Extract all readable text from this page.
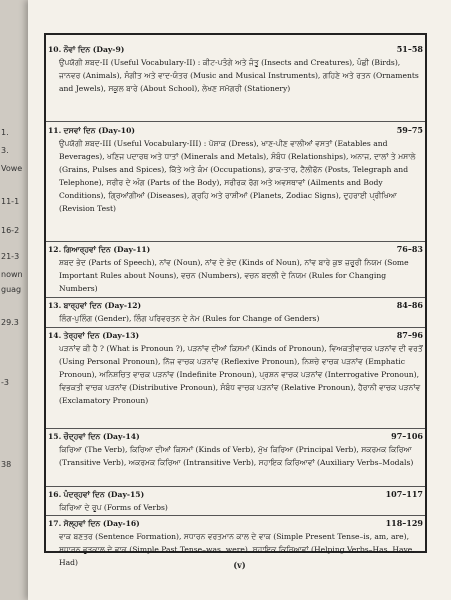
1.
3.
Vowe
11-1
16-2
21-3
nown
guag
29.3
-3
38
10. ਨੌਵਾਂ ਦਿਨ (Day-9)	51–58
ਉਪਯੋਗੀ ਸ਼ਬਦ-II (Useful Vocabulary-II) : ਕੀਟ-ਪਤੰਗੇ ਅਤੇ ਜੰਤੂ (Insects and Creatures), ਪੰਛੀ (Birds), ਜਾਨਵਰ (Animals), ਸੰਗੀਤ ਅਤੇ ਵਾਦ-ਯੰਤਰ (Music and Musical Instruments), ਗਹਿਣੇ ਅਤੇ ਰਤਨ (Ornaments and Jewels), ਸਕੂਲ ਬਾਰੇ (About School), ਲੇਖਣ ਸਮੱਗਰੀ (Stationery)
11. ਦਸਵਾਂ ਦਿਨ (Day-10)	59–75
ਉਪਯੋਗੀ ਸ਼ਬਦ-III (Useful Vocabulary-III) : ਪੋਸ਼ਾਕ (Dress), ਖਾਣ-ਪੀਣ ਵਾਲੀਆਂ ਵਸਤਾਂ (Eatables and Beverages), ਖਣਿਜ ਪਦਾਰਥ ਅਤੇ ਧਾਤਾਂ (Minerals and Metals), ਸੰਬੰਧ (Relationships), ਅਨਾਜ, ਦਾਲਾਂ ਤੇ ਮਸਾਲੇ (Grains, Pulses and Spices), ਕਿੱਤੇ ਅਤੇ ਕੰਮ (Occupations), ਡਾਕ-ਤਾਰ, ਟੈਲੀਫੋਨ (Posts, Telegraph and Telephone), ਸਰੀਰ ਦੇ ਅੰਗ (Parts of the Body), ਸਰੀਰਕ ਰੋਗ ਅਤੇ ਅਵਸਥਾਵਾਂ (Ailments and Body Conditions), ਗ੍ਰਿਆਂਗੀਆਂ (Diseases), ਗ੍ਰਹਿ ਅਤੇ ਰਾਸ਼ੀਆਂ (Planets, Zodiac Signs), ਦੁਹਰਾਈ ਪ੍ਰੀਖਿਆ (Revision Test)
12. ਗਿਆਰ੍ਹਵਾਂ ਦਿਨ (Day-11)	76–83
ਸ਼ਬਦ ਭੇਦ (Parts of Speech), ਨਾਂਵ (Noun), ਨਾਂਵ ਦੇ ਭੇਦ (Kinds of Noun), ਨਾਂਵ ਬਾਰੇ ਕੁਝ ਜ਼ਰੂਰੀ ਨਿਯਮ (Some Important Rules about Nouns), ਵਚਨ (Numbers), ਵਚਨ ਬਦਲੀ ਦੇ ਨਿਯਮ (Rules for Changing Numbers)
13. ਬਾਰ੍ਹਵਾਂ ਦਿਨ (Day-12)	84–86
ਲਿੰਗ-ਪੁਲਿੰਗ (Gender), ਲਿੰਗ ਪਰਿਵਰਤਨ ਦੇ ਨੇਮ (Rules for Change of Genders)
14. ਤੇਰ੍ਹਵਾਂ ਦਿਨ (Day-13)	87–96
ਪੜਨਾਂਵ ਕੀ ਹੈ ? (What is Pronoun ?), ਪੜਨਾਂਵ ਦੀਆਂ ਕਿਸਮਾਂ (Kinds of Pronoun), ਵਿਅਕਤੀਵਾਚਕ ਪੜਨਾਂਵ ਦੀ ਵਰਤੋਂ (Using Personal Pronoun), ਨਿੱਜ ਵਾਚਕ ਪੜਨਾਂਵ (Reflexive Pronoun), ਨਿਸ਼ਚੇ ਵਾਚਕ ਪੜਨਾਂਵ (Emphatic Pronoun), ਅਨਿਸ਼ਚਿਤ ਵਾਚਕ ਪੜਨਾਂਵ (Indefinite Pronoun), ਪ੍ਰਸ਼ਨ ਵਾਚਕ ਪੜਨਾਂਵ (Interrogative Pronoun), ਵਿਭਕਤੀ ਵਾਚਕ ਪੜਨਾਂਵ (Distributive Pronoun), ਸੰਬੰਧ ਵਾਚਕ ਪੜਨਾਂਵ (Relative Pronoun), ਹੈਰਾਨੀ ਵਾਚਕ ਪੜਨਾਂਵ (Exclamatory Pronoun)
15. ਚੌਦ੍ਹਵਾਂ ਦਿਨ (Day-14)	97–106
ਕਿਰਿਆ (The Verb), ਕਿਰਿਆ ਦੀਆਂ ਕਿਸਮਾਂ (Kinds of Verb), ਮੁੱਖ ਕਿਰਿਆ (Principal Verb), ਸਕਰਮਕ ਕਿਰਿਆ (Transitive Verb), ਅਕਰਮਕ ਕਿਰਿਆ (Intransitive Verb), ਸਹਾਇਕ ਕਿਰਿਆਵਾਂ (Auxiliary Verbs–Modals)
16. ਪੰਦਰ੍ਹਵਾਂ ਦਿਨ (Day-15)	107–117
ਕਿਰਿਆ ਦੇ ਰੂਪ (Forms of Verbs)
17. ਸੋਲ੍ਹਵਾਂ ਦਿਨ (Day-16)	118–129
ਵਾਕ ਬਣਤਰ (Sentence Formation), ਸਧਾਰਨ ਵਰਤਮਾਨ ਕਾਲ ਦੇ ਵਾਕ (Simple Present Tense–is, am, are), ਸਧਾਰਨ ਭੂਤਕਾਲ ਦੇ ਵਾਕ (Simple Past Tense–was, were), ਸਹਾਇਕ ਕਿਰਿਆਵਾਂ (Helping Verbs–Has, Have, Had)	(v)
